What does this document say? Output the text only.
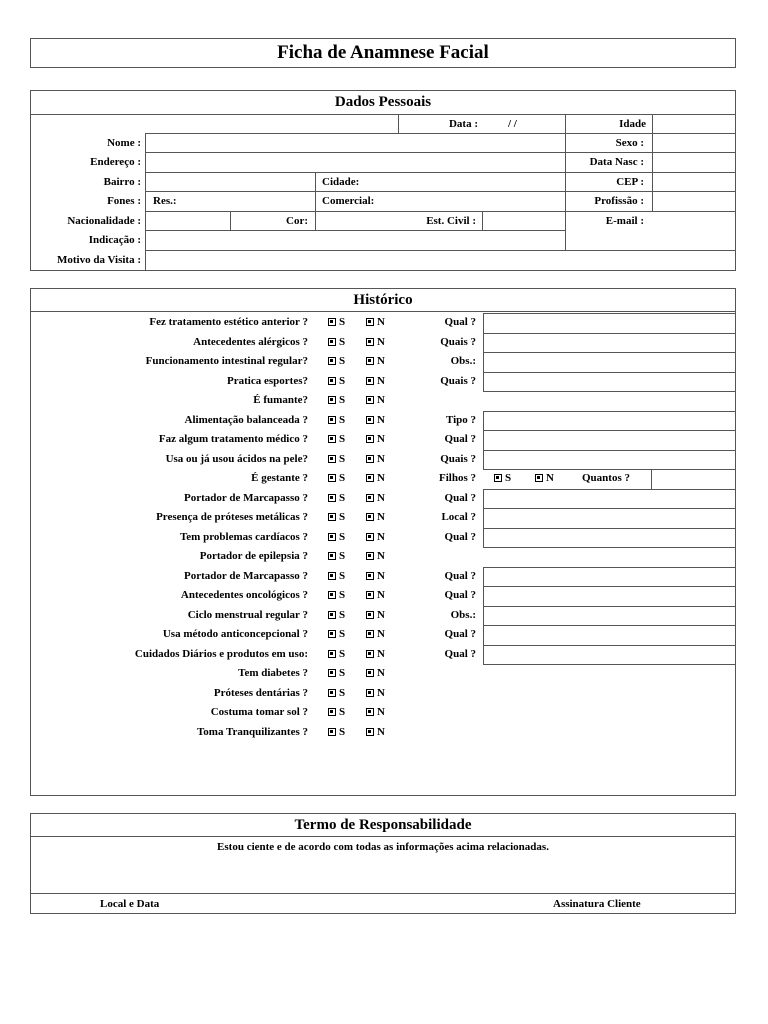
Ficha de Anamnese Facial
Dados Pessoais
Data :	/ /	Idade
Nome :	Sexo :
Endereço :	Data Nasc :
Bairro :	Cidade:	CEP :
Fones : Res.:	Comercial:	Profissão :
Nacionalidade :	Cor:	Est. Civil :	E-mail :
Indicação :
Motivo da Visita :
Histórico
Fez tratamento estético anterior ?	S	N	Qual ?
Antecedentes alérgicos ?	S	N	Quais ?
Funcionamento intestinal regular?	S	N	Obs.:
Pratica esportes?	S	N	Quais ?
É fumante?	S	N
Alimentação balanceada ?	S	N	Tipo ?
Faz algum tratamento médico ?	S	N	Qual ?
Usa ou já usou ácidos na pele?	S	N	Quais ?
É gestante ?	S	N	Filhos ?	S	N	Quantos ?
Portador de Marcapasso ?	S	N	Qual ?
Presença de próteses metálicas ?	S	N	Local ?
Tem problemas cardíacos ?	S	N	Qual ?
Portador de epilepsia ?	S	N
Portador de Marcapasso ?	S	N	Qual ?
Antecedentes oncológicos ?	S	N	Qual ?
Ciclo menstrual regular ?	S	N	Obs.:
Usa método anticoncepcional ?	S	N	Qual ?
Cuidados Diários e produtos em uso:	S	N	Qual ?
Tem diabetes ?	S	N
Próteses dentárias ?	S	N
Costuma tomar sol ?	S	N
Toma Tranquilizantes ?	S	N
Termo de Responsabilidade
Estou ciente e de acordo com todas as informações acima relacionadas.
Local e Data	Assinatura Cliente
